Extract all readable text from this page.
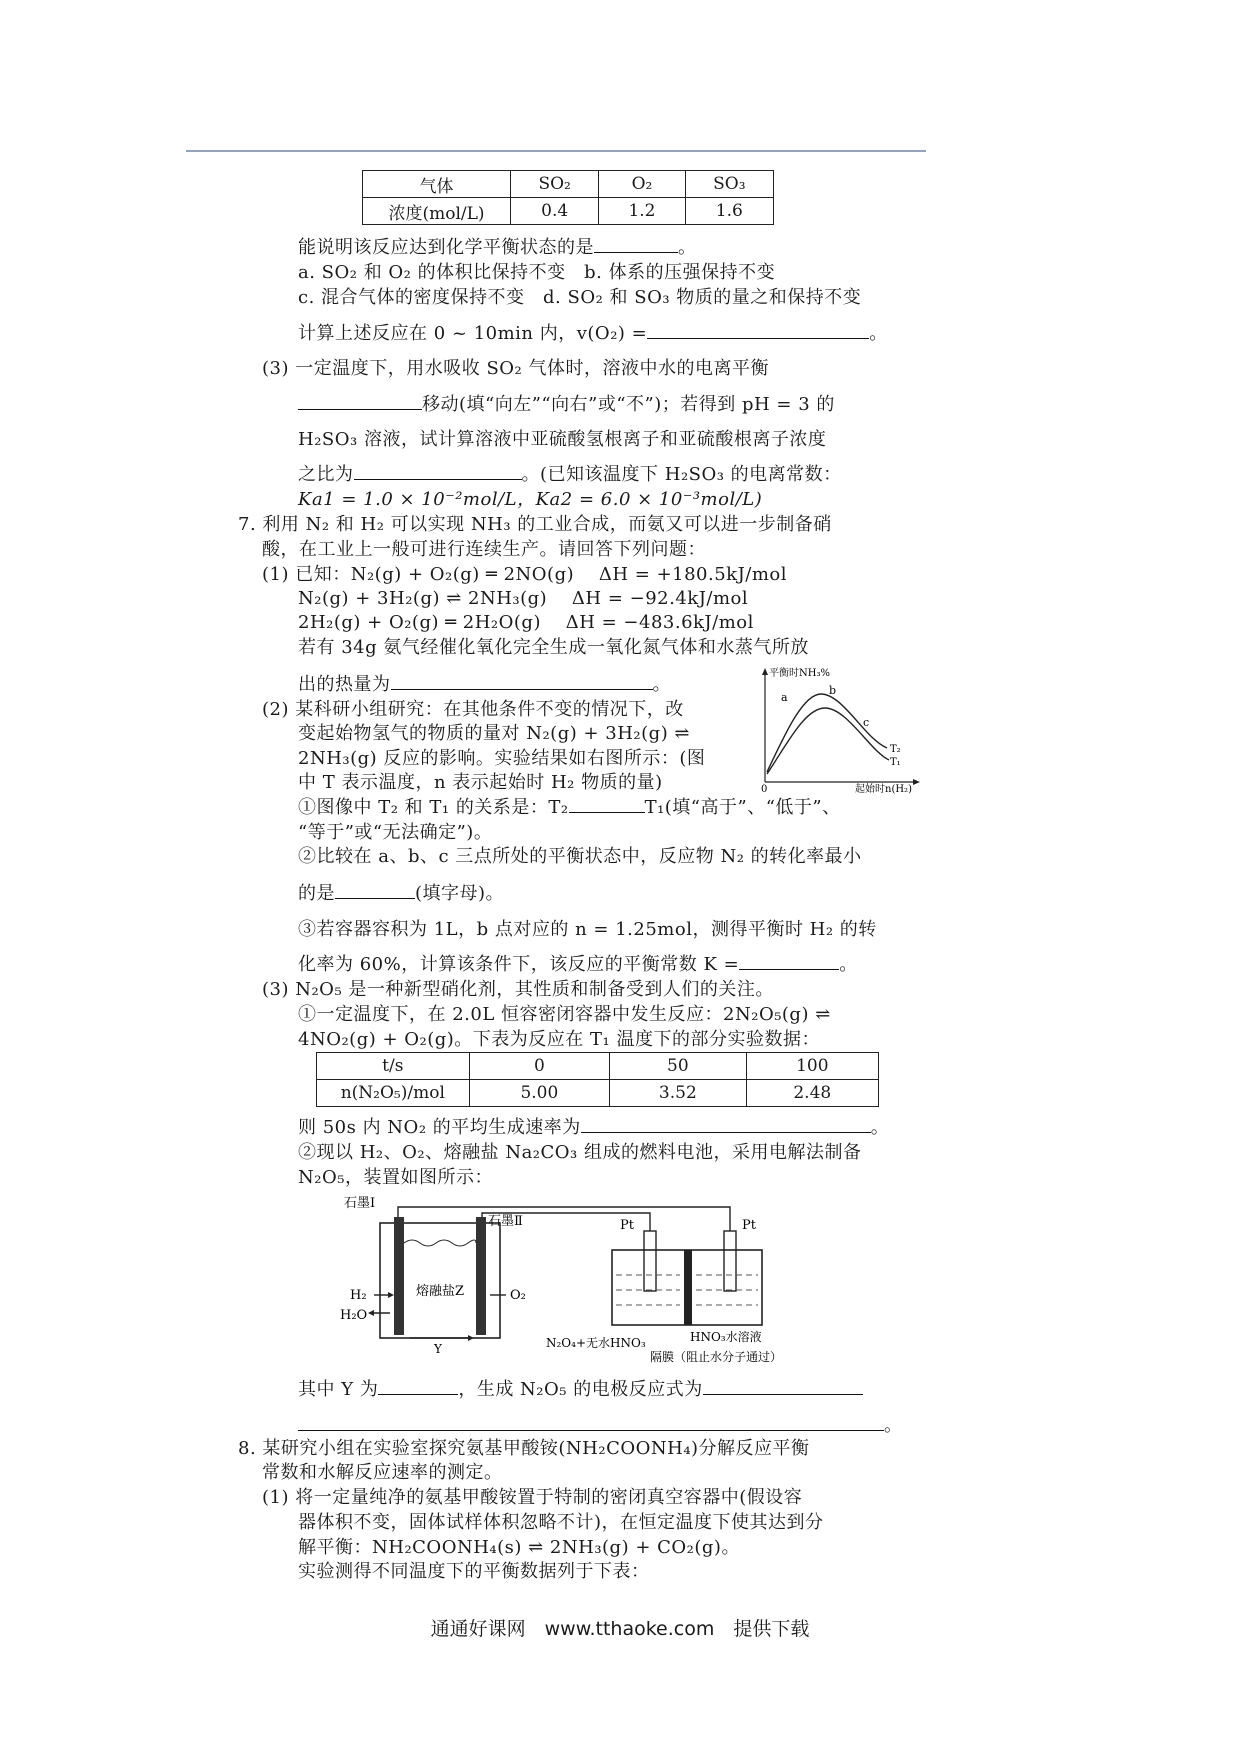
气体	SO₂	O₂	SO₃
浓度(mol/L)	0.4	1.2	1.6
能说明该反应达到化学平衡状态的是	。
a. SO₂ 和 O₂ 的体积比保持不变　b. 体系的压强保持不变
c. 混合气体的密度保持不变　d. SO₂ 和 SO₃ 物质的量之和保持不变
计算上述反应在 0 ~ 10min 内，v(O₂) =	。
(3) 一定温度下，用水吸收 SO₂ 气体时，溶液中水的电离平衡
移动(填“向左”“向右”或“不”)；若得到 pH = 3 的
H₂SO₃ 溶液，试计算溶液中亚硫酸氢根离子和亚硫酸根离子浓度
之比为	。(已知该温度下 H₂SO₃ 的电离常数：
Ka1 = 1.0 × 10⁻²mol/L，Ka2 = 6.0 × 10⁻³mol/L)
7. 利用 N₂ 和 H₂ 可以实现 NH₃ 的工业合成，而氨又可以进一步制备硝
酸，在工业上一般可进行连续生产。请回答下列问题：
(1) 已知：N₂(g) + O₂(g) ═ 2NO(g)　 ΔH = +180.5kJ/mol
N₂(g) + 3H₂(g) ⇌ 2NH₃(g)　 ΔH = −92.4kJ/mol
2H₂(g) + O₂(g) ═ 2H₂O(g)　 ΔH = −483.6kJ/mol
若有 34g 氨气经催化氧化完全生成一氧化氮气体和水蒸气所放
出的热量为	。
(2) 某科研小组研究：在其他条件不变的情况下，改
变起始物氢气的物质的量对 N₂(g) + 3H₂(g) ⇌
2NH₃(g) 反应的影响。实验结果如右图所示：(图
中 T 表示温度，n 表示起始时 H₂ 物质的量)
平衡时NH₃%
a
b
c
T₂
T₁
0	起始时n(H₂)
①图像中 T₂ 和 T₁ 的关系是：T₂	T₁(填“高于”、“低于”、
“等于”或“无法确定”)。
②比较在 a、b、c 三点所处的平衡状态中，反应物 N₂ 的转化率最小
的是	(填字母)。
③若容器容积为 1L，b 点对应的 n = 1.25mol，测得平衡时 H₂ 的转
化率为 60%，计算该条件下，该反应的平衡常数 K =	。
(3) N₂O₅ 是一种新型硝化剂，其性质和制备受到人们的关注。
①一定温度下，在 2.0L 恒容密闭容器中发生反应：2N₂O₅(g) ⇌
4NO₂(g) + O₂(g)。下表为反应在 T₁ 温度下的部分实验数据：
t/s	0	50	100
n(N₂O₅)/mol	5.00	3.52	2.48
则 50s 内 NO₂ 的平均生成速率为	。
②现以 H₂、O₂、熔融盐 Na₂CO₃ 组成的燃料电池，采用电解法制备
N₂O₅，装置如图所示：
石墨Ⅰ
石墨Ⅱ
H₂
H₂O
O₂
熔融盐Z
Y
Pt	Pt
N₂O₄+无水HNO₃	HNO₃水溶液
隔膜（阻止水分子通过）
其中 Y 为	，生成 N₂O₅ 的电极反应式为
。
8. 某研究小组在实验室探究氨基甲酸铵(NH₂COONH₄)分解反应平衡
常数和水解反应速率的测定。
(1) 将一定量纯净的氨基甲酸铵置于特制的密闭真空容器中(假设容
器体积不变，固体试样体积忽略不计)，在恒定温度下使其达到分
解平衡：NH₂COONH₄(s) ⇌ 2NH₃(g) + CO₂(g)。
实验测得不同温度下的平衡数据列于下表：
通通好课网　www.tthaoke.com　提供下载
